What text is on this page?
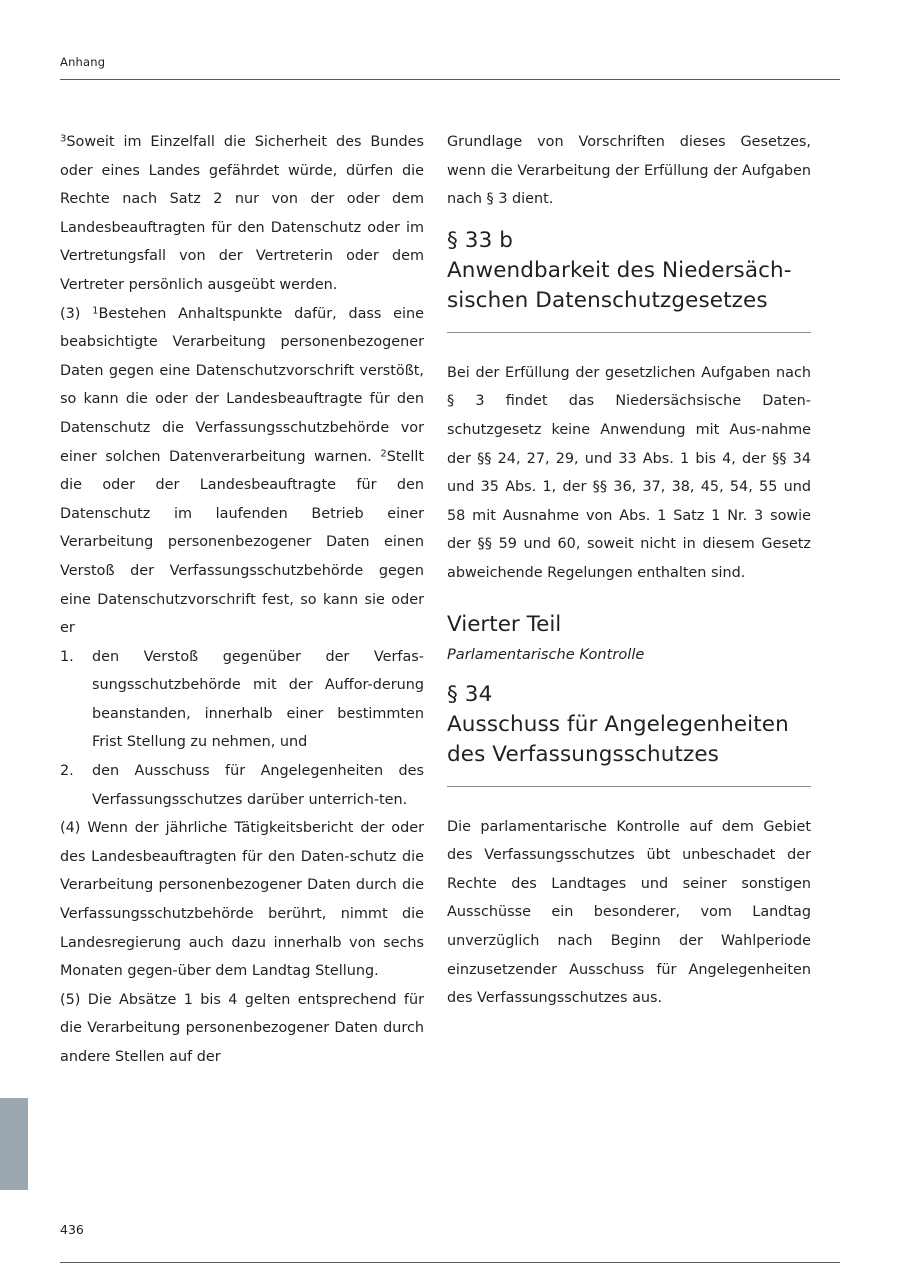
Anhang

$^3$Soweit im Einzelfall die Sicherheit des Bundes oder eines Landes gefährdet würde, dürfen die Rechte nach Satz 2 nur von der oder dem Landesbeauftragten für den Datenschutz oder im Vertretungsfall von der Vertreterin oder dem Vertreter persönlich ausgeübt werden.

(3) $^1$Bestehen Anhaltspunkte dafür, dass eine beabsichtigte Verarbeitung personenbezogener Daten gegen eine Datenschutzvorschrift verstößt, so kann die oder der Landesbeauftragte für den Datenschutz die Verfassungsschutzbehörde vor einer solchen Datenverarbeitung warnen. $^2$Stellt die oder der Landesbeauftragte für den Datenschutz im laufenden Betrieb einer Verarbeitung personenbezogener Daten einen Verstoß der Verfassungsschutzbehörde gegen eine Datenschutzvorschrift fest, so kann sie oder er

1.	den Verstoß gegenüber der Verfas-sungsschutzbehörde mit der Auffor-derung beanstanden, innerhalb einer bestimmten Frist Stellung zu nehmen, und
2.	den Ausschuss für Angelegenheiten des Verfassungsschutzes darüber unterrich-ten.

(4) Wenn der jährliche Tätigkeitsbericht der oder des Landesbeauftragten für den Daten-schutz die Verarbeitung personenbezogener Daten durch die Verfassungsschutzbehörde berührt, nimmt die Landesregierung auch dazu innerhalb von sechs Monaten gegen-über dem Landtag Stellung.

(5) Die Absätze 1 bis 4 gelten entsprechend für die Verarbeitung personenbezogener Daten durch andere Stellen auf der

Grundlage von Vorschriften dieses Gesetzes, wenn die Verarbeitung der Erfüllung der Aufgaben nach § 3 dient.

§ 33 b
Anwendbarkeit des Niedersäch-
sischen Datenschutzgesetzes

Bei der Erfüllung der gesetzlichen Aufgaben nach § 3 findet das Niedersächsische Daten-schutzgesetz keine Anwendung mit Aus-nahme der §§ 24, 27, 29, und 33 Abs. 1 bis 4, der §§ 34 und 35 Abs. 1, der §§ 36, 37, 38, 45, 54, 55 und 58 mit Ausnahme von Abs. 1 Satz 1 Nr. 3 sowie der §§ 59 und 60, soweit nicht in diesem Gesetz abweichende Regelungen enthalten sind.

Vierter Teil
Parlamentarische Kontrolle
§ 34
Ausschuss für Angelegenheiten
des Verfassungsschutzes

Die parlamentarische Kontrolle auf dem Gebiet des Verfassungsschutzes übt unbeschadet der Rechte des Landtages und seiner sonstigen Ausschüsse ein besonderer, vom Landtag unverzüglich nach Beginn der Wahlperiode einzusetzender Ausschuss für Angelegenheiten des Verfassungsschutzes aus.

436
